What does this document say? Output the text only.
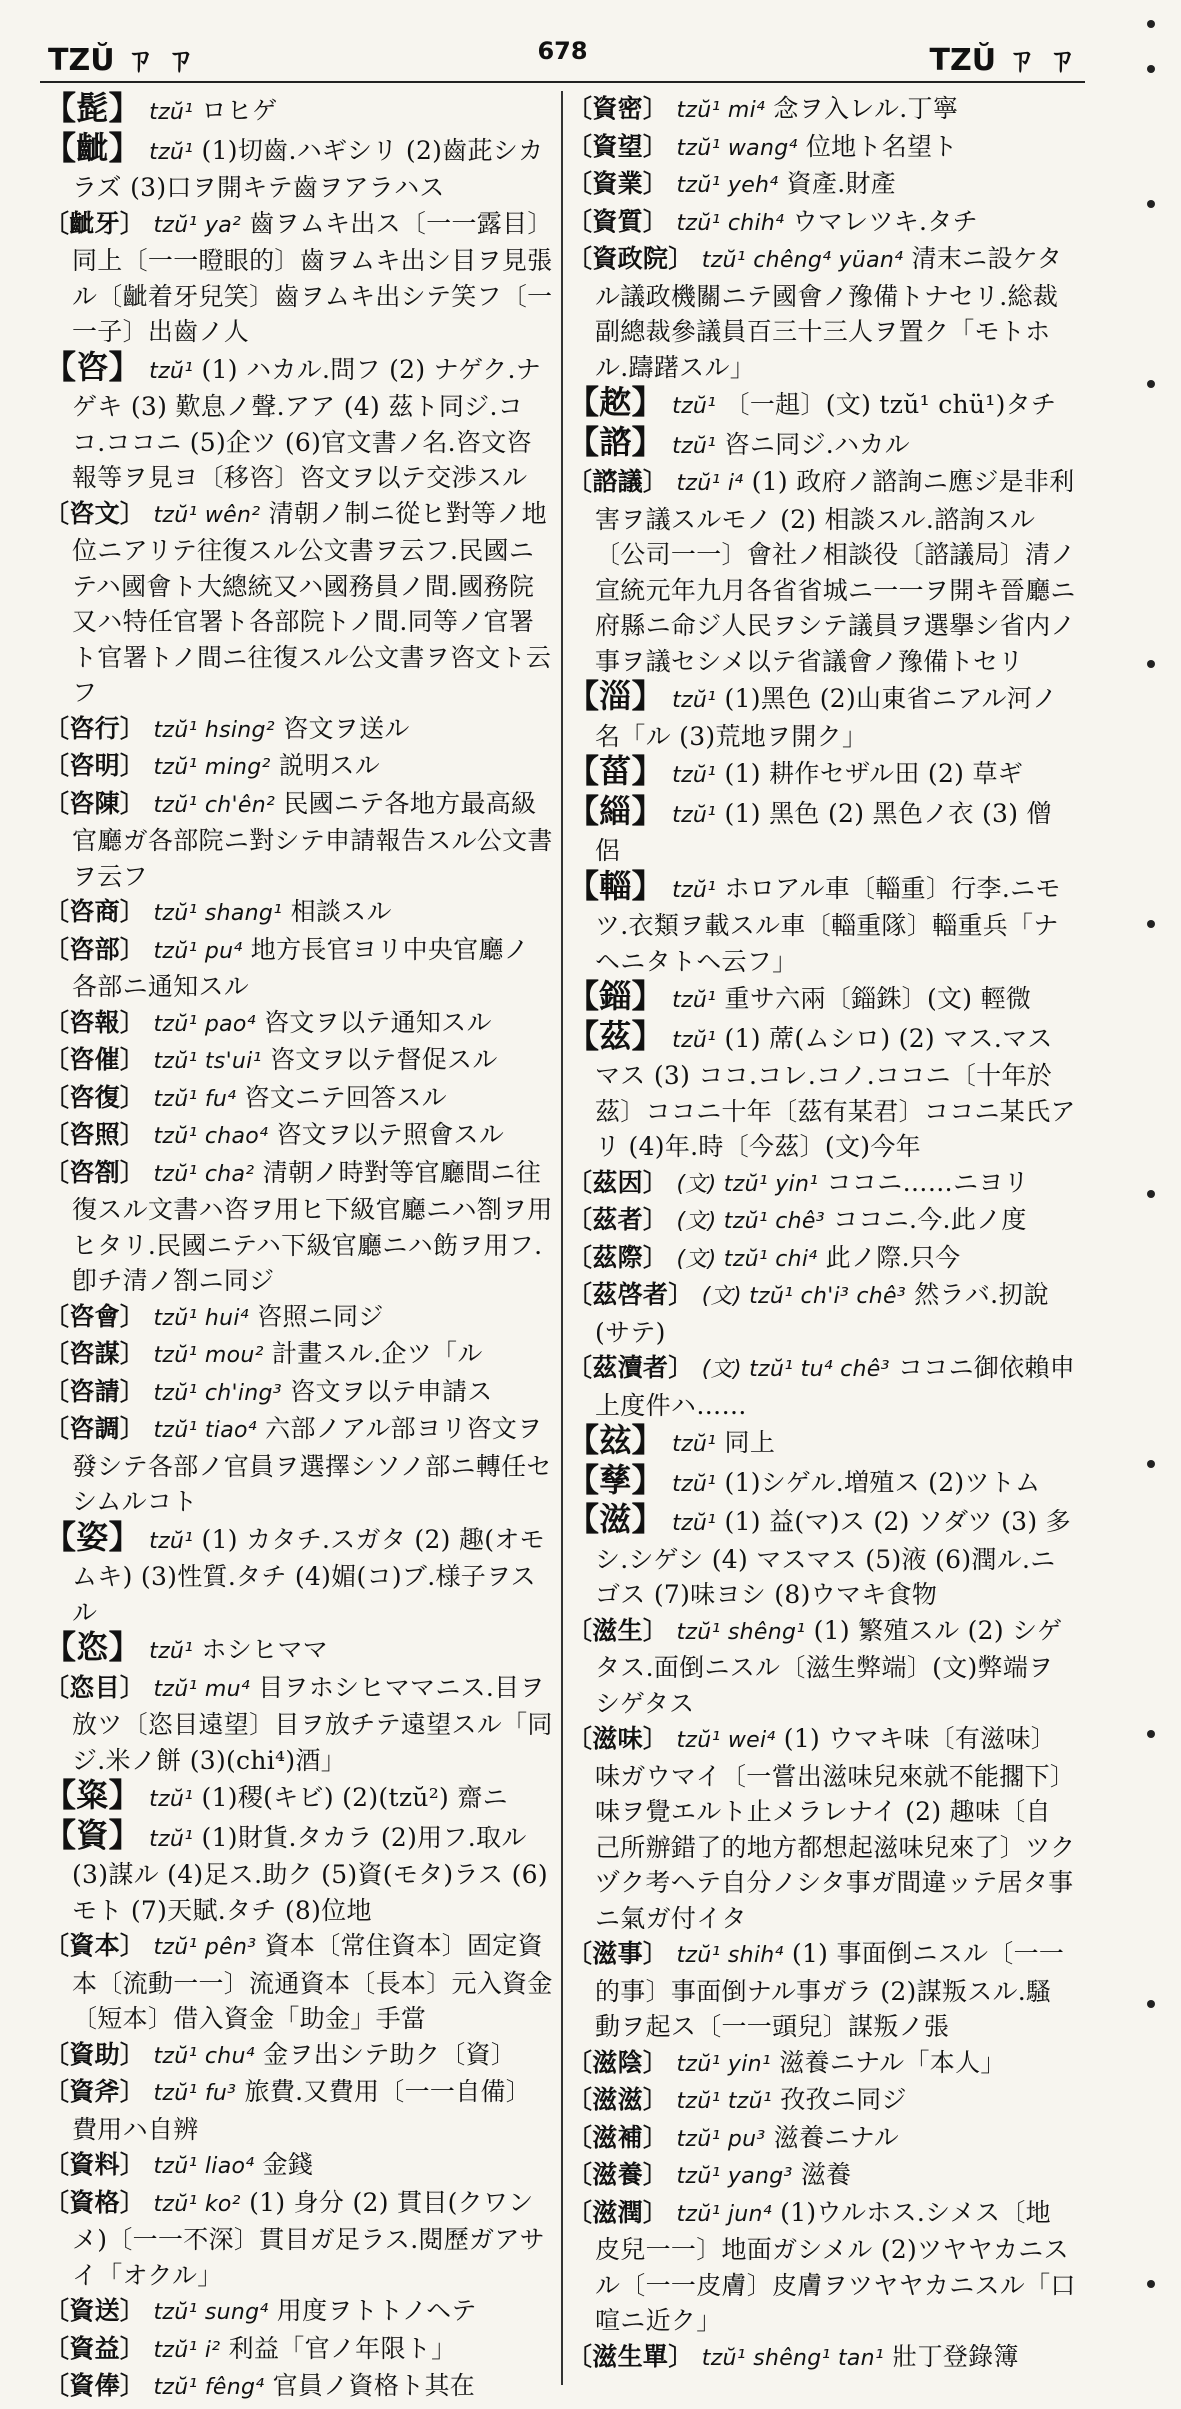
TZŬ ㄗ ㄗ	678	TZŬ ㄗ ㄗ

【髭】 tzŭ¹ ロヒゲ

【齜】 tzŭ¹ (1)切齒.ハギシリ (2)齒茈シカラズ (3)口ヲ開キテ齒ヲアラハス

〔齜牙〕 tzŭ¹ ya² 齒ヲムキ出ス〔一一露目〕同上〔一一瞪眼的〕齒ヲムキ出シ目ヲ見張ル〔齜着牙兒笑〕齒ヲムキ出シテ笑フ〔一一子〕出齒ノ人

【咨】 tzŭ¹ (1) ハカル.問フ (2) ナゲク.ナゲキ (3) 歎息ノ聲.アア (4) 茲ト同ジ.ココ.ココニ (5)企ツ (6)官文書ノ名.咨文咨報等ヲ見ヨ〔移咨〕咨文ヲ以テ交渉スル

〔咨文〕 tzŭ¹ wên² 清朝ノ制ニ從ヒ對等ノ地位ニアリテ往復スル公文書ヲ云フ.民國ニテハ國會ト大總統又ハ國務員ノ間.國務院又ハ特任官署ト各部院トノ間.同等ノ官署ト官署トノ間ニ往復スル公文書ヲ咨文ト云フ

〔咨行〕 tzŭ¹ hsing² 咨文ヲ送ル

〔咨明〕 tzŭ¹ ming² 説明スル

〔咨陳〕 tzŭ¹ ch'ên² 民國ニテ各地方最高級官廳ガ各部院ニ對シテ申請報告スル公文書ヲ云フ

〔咨商〕 tzŭ¹ shang¹ 相談スル

〔咨部〕 tzŭ¹ pu⁴ 地方長官ヨリ中央官廳ノ各部ニ通知スル

〔咨報〕 tzŭ¹ pao⁴ 咨文ヲ以テ通知スル

〔咨催〕 tzŭ¹ ts'ui¹ 咨文ヲ以テ督促スル

〔咨復〕 tzŭ¹ fu⁴ 咨文ニテ回答スル

〔咨照〕 tzŭ¹ chao⁴ 咨文ヲ以テ照會スル

〔咨劄〕 tzŭ¹ cha² 清朝ノ時對等官廳間ニ往復スル文書ハ咨ヲ用ヒ下級官廳ニハ劄ヲ用ヒタリ.民國ニテハ下級官廳ニハ飭ヲ用フ.卽チ清ノ劄ニ同ジ

〔咨會〕 tzŭ¹ hui⁴ 咨照ニ同ジ

〔咨謀〕 tzŭ¹ mou² 計畫スル.企ツ「ル

〔咨請〕 tzŭ¹ ch'ing³ 咨文ヲ以テ申請ス

〔咨調〕 tzŭ¹ tiao⁴ 六部ノアル部ヨリ咨文ヲ發シテ各部ノ官員ヲ選擇シソノ部ニ轉任セシムルコト

【姿】 tzŭ¹ (1) カタチ.スガタ (2) 趣(オモムキ) (3)性質.タチ (4)媚(コ)ブ.様子ヲスル

【恣】 tzŭ¹ ホシヒママ

〔恣目〕 tzŭ¹ mu⁴ 目ヲホシヒママニス.目ヲ放ツ〔恣目遠望〕目ヲ放チテ遠望スル「同ジ.米ノ餅 (3)(chi⁴)酒」

【粢】 tzŭ¹ (1)稷(キビ) (2)(tzŭ²) 齋ニ

【資】 tzŭ¹ (1)財貨.タカラ (2)用フ.取ル (3)謀ル (4)足ス.助ク (5)資(モタ)ラス (6)モト (7)天賦.タチ (8)位地

〔資本〕 tzŭ¹ pên³ 資本〔常住資本〕固定資本〔流動一一〕流通資本〔長本〕元入資金〔短本〕借入資金「助金」手當

〔資助〕 tzŭ¹ chu⁴ 金ヲ出シテ助ク〔資〕

〔資斧〕 tzŭ¹ fu³ 旅費.又費用〔一一自備〕費用ハ自辨

〔資料〕 tzŭ¹ liao⁴ 金錢

〔資格〕 tzŭ¹ ko² (1) 身分 (2) 貫目(クワンメ)〔一一不深〕貫目ガ足ラス.閱歷ガアサイ「オクル」

〔資送〕 tzŭ¹ sung⁴ 用度ヲトトノヘテ

〔資益〕 tzŭ¹ i² 利益「官ノ年限ト」

〔資俸〕 tzŭ¹ fêng⁴ 官員ノ資格ト其在

〔資密〕 tzŭ¹ mi⁴ 念ヲ入レル.丁寧

〔資望〕 tzŭ¹ wang⁴ 位地ト名望ト

〔資業〕 tzŭ¹ yeh⁴ 資產.財產

〔資質〕 tzŭ¹ chih⁴ ウマレツキ.タチ

〔資政院〕 tzŭ¹ chêng⁴ yüan⁴ 清末ニ設ケタル議政機關ニテ國會ノ豫備トナセリ.総裁副總裁參議員百三十三人ヲ置ク「モトホル.躊躇スル」

【趑】 tzŭ¹ 〔一趄〕(文) tzŭ¹ chü¹)タチ

【諮】 tzŭ¹ 咨ニ同ジ.ハカル

〔諮議〕 tzŭ¹ i⁴ (1) 政府ノ諮詢ニ應ジ是非利害ヲ議スルモノ (2) 相談スル.諮詢スル〔公司一一〕會社ノ相談役〔諮議局〕清ノ宣統元年九月各省省城ニ一一ヲ開キ晉廳ニ府縣ニ命ジ人民ヲシテ議員ヲ選擧シ省内ノ事ヲ議セシメ以テ省議會ノ豫備トセリ

【淄】 tzŭ¹ (1)黑色 (2)山東省ニアル河ノ名「ル (3)荒地ヲ開ク」

【菑】 tzŭ¹ (1) 耕作セザル田 (2) 草ギ

【緇】 tzŭ¹ (1) 黑色 (2) 黑色ノ衣 (3) 僧侶

【輜】 tzŭ¹ ホロアル車〔輜重〕行李.ニモツ.衣類ヲ載スル車〔輜重隊〕輜重兵「ナヘニタトヘ云フ」

【錙】 tzŭ¹ 重サ六兩〔錙銖〕(文) 輕微

【茲】 tzŭ¹ (1) 蓆(ムシロ) (2) マス.マスマス (3) ココ.コレ.コノ.ココニ〔十年於茲〕ココニ十年〔茲有某君〕ココニ某氏アリ (4)年.時〔今茲〕(文)今年

〔茲因〕 (文) tzŭ¹ yin¹ ココニ……ニヨリ

〔茲者〕 (文) tzŭ¹ chê³ ココニ.今.此ノ度

〔茲際〕 (文) tzŭ¹ chi⁴ 此ノ際.只今

〔茲啓者〕 (文) tzŭ¹ ch'i³ chê³ 然ラバ.扨說(サテ)

〔茲瀆者〕 (文) tzŭ¹ tu⁴ chê³ ココニ御依賴申上度件ハ……

【玆】 tzŭ¹ 同上

【孳】 tzŭ¹ (1)シゲル.増殖ス (2)ツトム

【滋】 tzŭ¹ (1) 益(マ)ス (2) ソダツ (3) 多シ.シゲシ (4) マスマス (5)液 (6)潤ル.ニゴス (7)味ヨシ (8)ウマキ食物

〔滋生〕 tzŭ¹ shêng¹ (1) 繁殖スル (2) シゲタス.面倒ニスル〔滋生弊端〕(文)弊端ヲシゲタス

〔滋味〕 tzŭ¹ wei⁴ (1) ウマキ味〔有滋味〕味ガウマイ〔一嘗出滋味兒來就不能擱下〕味ヲ覺エルト止メラレナイ (2) 趣味〔自己所辦錯了的地方都想起滋味兒來了〕ツクヅク考ヘテ自分ノシタ事ガ間違ッテ居タ事ニ氣ガ付イタ

〔滋事〕 tzŭ¹ shih⁴ (1) 事面倒ニスル〔一一的事〕事面倒ナル事ガラ (2)謀叛スル.騷動ヲ起ス〔一一頭兒〕謀叛ノ張

〔滋陰〕 tzŭ¹ yin¹ 滋養ニナル「本人」

〔滋滋〕 tzŭ¹ tzŭ¹ 孜孜ニ同ジ

〔滋補〕 tzŭ¹ pu³ 滋養ニナル

〔滋養〕 tzŭ¹ yang³ 滋養

〔滋潤〕 tzŭ¹ jun⁴ (1)ウルホス.シメス〔地皮兒一一〕地面ガシメル (2)ツヤヤカニスル〔一一皮膚〕皮膚ヲツヤヤカニスル「口喧ニ近ク」

〔滋生單〕 tzŭ¹ shêng¹ tan¹ 壯丁登錄簿
